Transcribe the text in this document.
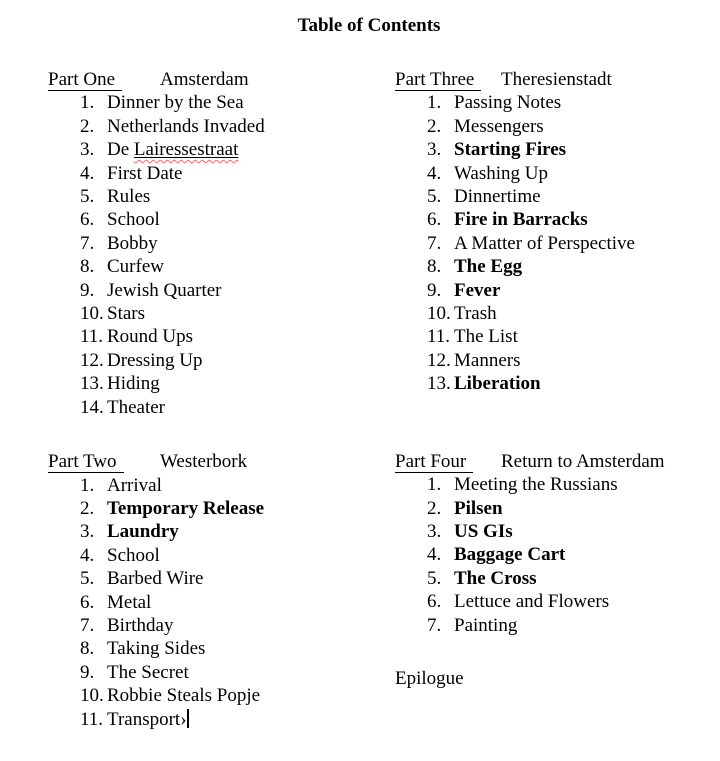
Table of Contents
Part One Amsterdam
1. Dinner by the Sea
2. Netherlands Invaded
3. De Lairessestraat
4. First Date
5. Rules
6. School
7. Bobby
8. Curfew
9. Jewish Quarter
10. Stars
11. Round Ups
12. Dressing Up
13. Hiding
14. Theater
Part Two Westerbork
1. Arrival
2. Temporary Release
3. Laundry
4. School
5. Barbed Wire
6. Metal
7. Birthday
8. Taking Sides
9. The Secret
10. Robbie Steals Popje
11. Transport›
Part Three Theresienstadt
1. Passing Notes
2. Messengers
3. Starting Fires
4. Washing Up
5. Dinnertime
6. Fire in Barracks
7. A Matter of Perspective
8. The Egg
9. Fever
10. Trash
11. The List
12. Manners
13. Liberation
Part Four Return to Amsterdam
1. Meeting the Russians
2. Pilsen
3. US GIs
4. Baggage Cart
5. The Cross
6. Lettuce and Flowers
7. Painting
Epilogue
